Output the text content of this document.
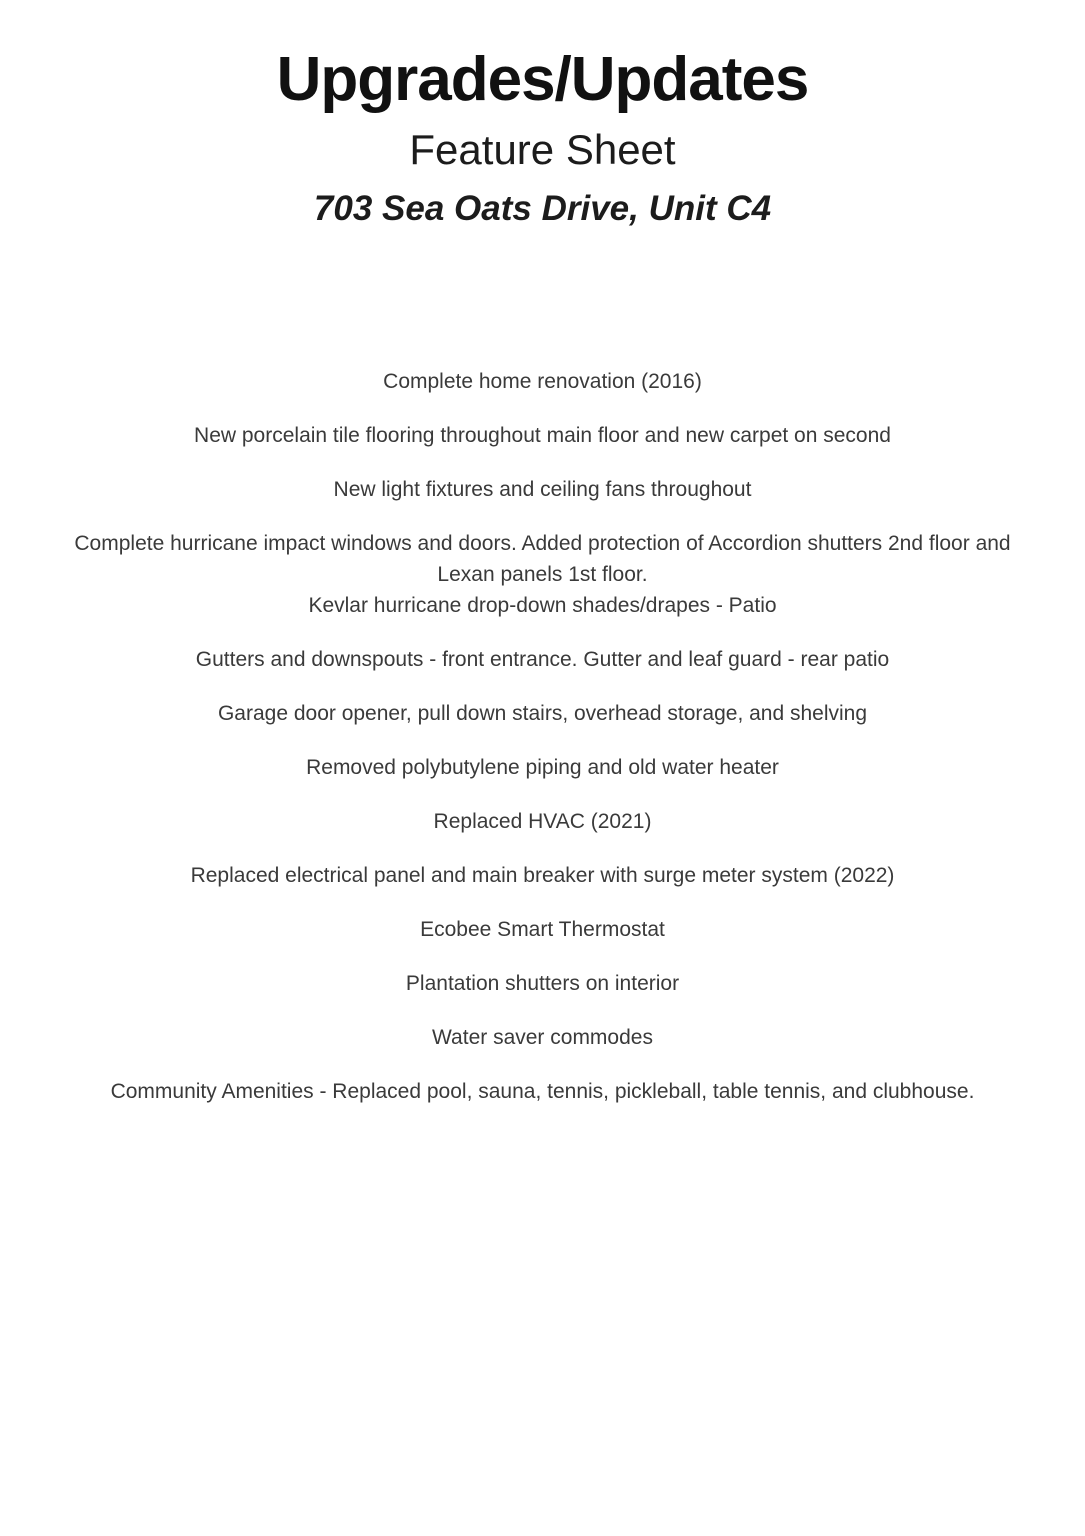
Upgrades/Updates
Feature Sheet
703 Sea Oats Drive, Unit C4

Complete home renovation (2016)

New porcelain tile flooring throughout main floor and new carpet on second

New light fixtures and ceiling fans throughout

Complete hurricane impact windows and doors. Added protection of Accordion shutters 2nd floor and Lexan panels 1st floor.
Kevlar hurricane drop-down shades/drapes - Patio

Gutters and downspouts - front entrance. Gutter and leaf guard - rear patio

Garage door opener, pull down stairs, overhead storage, and shelving

Removed polybutylene piping and old water heater

Replaced HVAC (2021)

Replaced electrical panel and main breaker with surge meter system (2022)

Ecobee Smart Thermostat

Plantation shutters on interior

Water saver commodes

Community Amenities - Replaced pool, sauna, tennis, pickleball, table tennis, and clubhouse.
